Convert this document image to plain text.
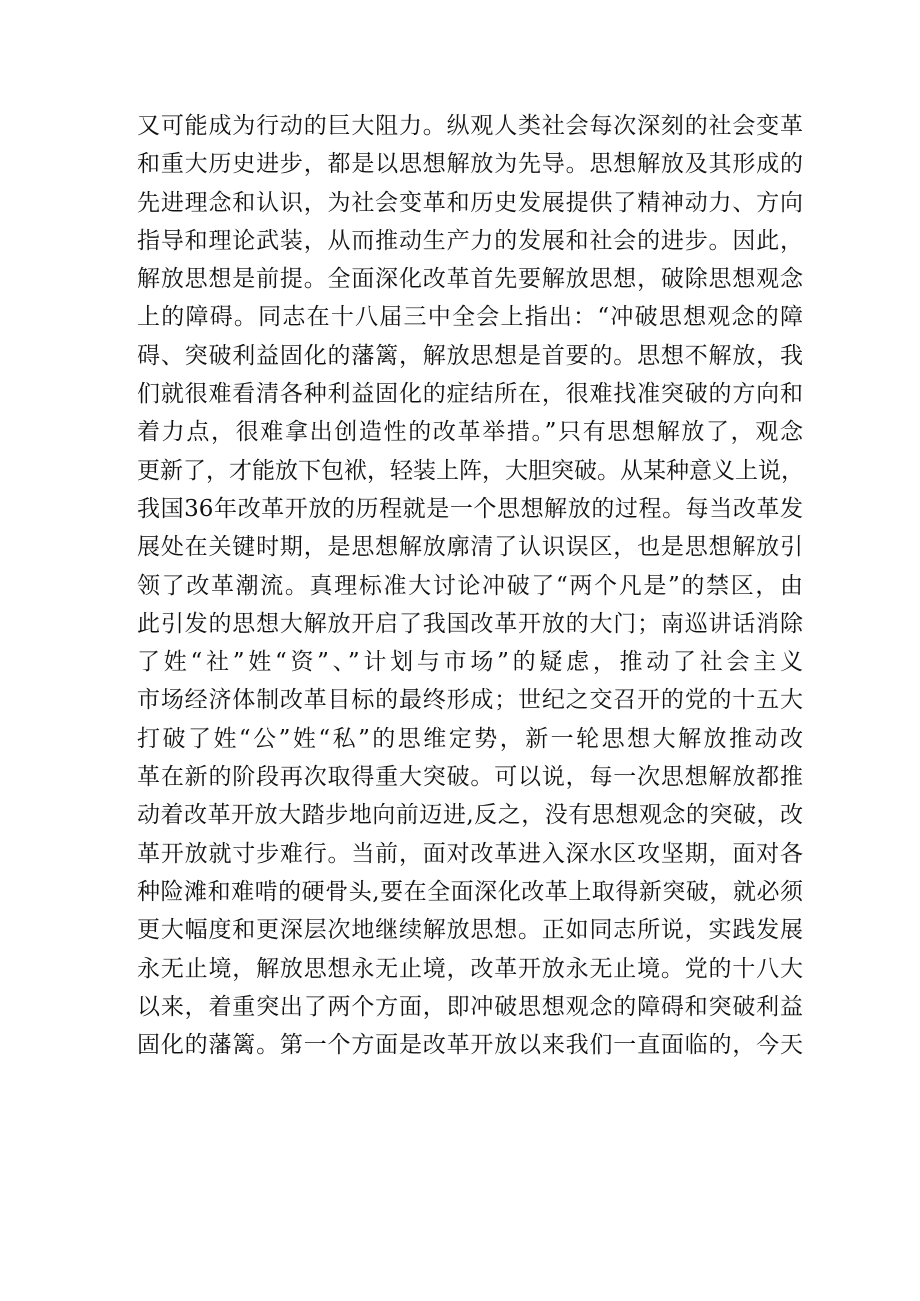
又可能成为行动的巨大阻力。纵观人类社会每次深刻的社会变革
和重大历史进步，都是以思想解放为先导。思想解放及其形成的
先进理念和认识，为社会变革和历史发展提供了精神动力、方向
指导和理论武装，从而推动生产力的发展和社会的进步。因此，
解放思想是前提。全面深化改革首先要解放思想，破除思想观念
上的障碍。同志在十八届三中全会上指出：“冲破思想观念的障
碍、突破利益固化的藩篱，解放思想是首要的。思想不解放，我
们就很难看清各种利益固化的症结所在，很难找准突破的方向和
着力点，很难拿出创造性的改革举措。”只有思想解放了，观念
更新了，才能放下包袱，轻装上阵，大胆突破。从某种意义上说，
我国36年改革开放的历程就是一个思想解放的过程。每当改革发
展处在关键时期，是思想解放廓清了认识误区，也是思想解放引
领了改革潮流。真理标准大讨论冲破了“两个凡是”的禁区，由
此引发的思想大解放开启了我国改革开放的大门；南巡讲话消除
了姓“社”姓“资”、”计划与市场”的疑虑，推动了社会主义
市场经济体制改革目标的最终形成；世纪之交召开的党的十五大
打破了姓“公”姓“私”的思维定势，新一轮思想大解放推动改
革在新的阶段再次取得重大突破。可以说，每一次思想解放都推
动着改革开放大踏步地向前迈进,反之，没有思想观念的突破，改
革开放就寸步难行。当前，面对改革进入深水区攻坚期，面对各
种险滩和难啃的硬骨头,要在全面深化改革上取得新突破，就必须
更大幅度和更深层次地继续解放思想。正如同志所说，实践发展
永无止境，解放思想永无止境，改革开放永无止境。党的十八大
以来，着重突出了两个方面，即冲破思想观念的障碍和突破利益
固化的藩篱。第一个方面是改革开放以来我们一直面临的，今天
